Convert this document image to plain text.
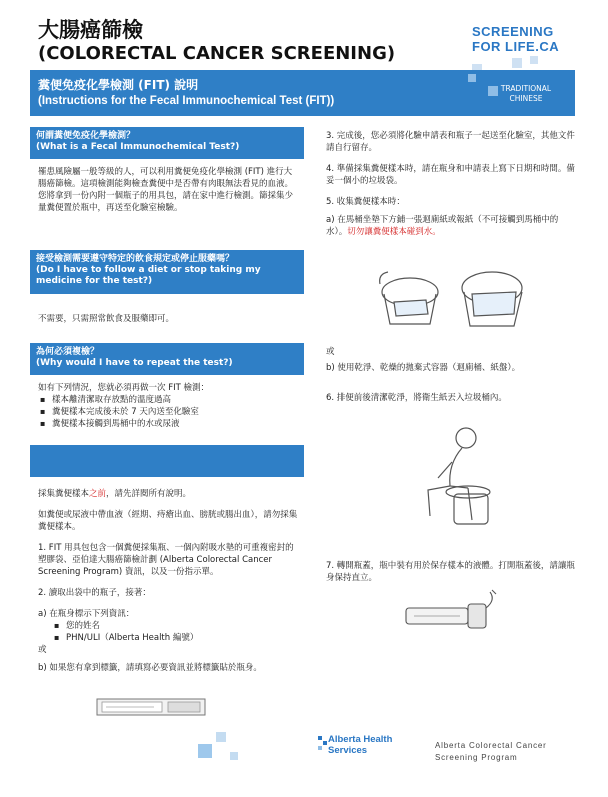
大腸癌篩檢
(COLORECTAL CANCER SCREENING)
SCREENING
FOR LIFE.CA
糞便免疫化學檢測 (FIT) 說明
(Instructions for the Fecal Immunochemical Test (FIT))
TRADITIONAL CHINESE
何謂糞便免疫化學檢測？
(What is a Fecal Immunochemical Test?)
罹患風險屬一般等級的人，可以利用糞便免疫化學檢測 (FIT) 進行大腸癌篩檢。這項檢測能夠檢查糞便中是否帶有肉眼無法看見的血液。您將拿到一份內附一個瓶子的用具包，請在家中進行檢測。篩採集少量糞便置於瓶中，再送至化驗室檢驗。
接受檢測需要遵守特定的飲食規定或停止服藥嗎？
(Do I have to follow a diet or stop taking my medicine for the test?)
不需要，只需照常飲食及服藥即可。
為何必須複檢？
(Why would I have to repeat the test?)
如有下列情況，您就必須再做一次 FIT 檢測：
▪ 樣本離清潔取存放點的溫度過高
▪ 糞便樣本完成後未於 7 天內送至化驗室
▪ 糞便樣本接觸到馬桶中的水或尿液
採集糞便樣本之前，請先詳閱所有說明。
如糞便或尿液中帶血液（經期、痔瘡出血、膀胱或腸出血），請勿採集糞便樣本。
1. FIT 用具包包含一個糞便採集瓶、一個內附吸水墊的可重複密封的塑膠袋、亞伯達大腸癌篩檢計劃 (Alberta Colorectal Cancer Screening Program) 資訊，以及一份指示單。
2. 讀取出袋中的瓶子，接著：
a) 在瓶身標示下列資訊：
▪ 您的姓名
▪ PHN/ULI（Alberta Health 編號）
或
b) 如果您有拿到標籤，請填寫必要資訊並將標籤貼於瓶身。
3. 完成後，您必須將化驗申請表和瓶子一起送至化驗室，其他文件請自行留存。
4. 準備採集糞便樣本時，請在瓶身和申請表上寫下日期和時間。備妥一個小的垃圾袋。
5. 收集糞便樣本時：
a) 在馬桶坐墊下方鋪一張迴廁紙或報紙（不可接觸到馬桶中的水）。切勿讓糞便樣本碰到水。
或
b) 使用乾淨、乾燥的拋棄式容器（迴廁桶、紙盤）。
6. 排便前後清潔乾淨，將衛生紙丟入垃圾桶內。
7. 轉開瓶蓋，瓶中裝有用於保存樣本的液體。打開瓶蓋後，請讓瓶身保持直立。
Alberta Health
Services	Alberta Colorectal Cancer
Screening Program
